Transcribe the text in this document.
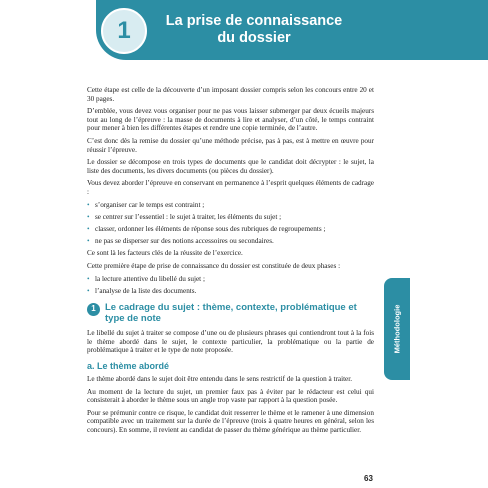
1	La prise de connaissance
du dossier

Cette étape est celle de la découverte d’un imposant dossier compris selon les concours entre 20 et 30 pages.

D’emblée, vous devez vous organiser pour ne pas vous laisser submerger par deux écueils majeurs tout au long de l’épreuve : la masse de documents à lire et analyser, d’un côté, le temps contraint pour mener à bien les différentes étapes et rendre une copie terminée, de l’autre.

C’est donc dès la remise du dossier qu’une méthode précise, pas à pas, est à mettre en œuvre pour réussir l’épreuve.

Le dossier se décompose en trois types de documents que le candidat doit décrypter : le sujet, la liste des documents, les divers documents (ou pièces du dossier).

Vous devez aborder l’épreuve en conservant en permanence à l’esprit quelques éléments de cadrage :

• s’organiser car le temps est contraint ;
• se centrer sur l’essentiel : le sujet à traiter, les éléments du sujet ;
• classer, ordonner les éléments de réponse sous des rubriques de regroupements ;
• ne pas se disperser sur des notions accessoires ou secondaires.

Ce sont là les facteurs clés de la réussite de l’exercice.

Cette première étape de prise de connaissance du dossier est constituée de deux phases :

• la lecture attentive du libellé du sujet ;
• l’analyse de la liste des documents.
1 Le cadrage du sujet : thème, contexte, problématique et type de note

Le libellé du sujet à traiter se compose d’une ou de plusieurs phrases qui contiendront tout à la fois le thème abordé dans le sujet, le contexte particulier, la problématique ou la partie de problématique à traiter et le type de note proposée.

a. Le thème abordé

Le thème abordé dans le sujet doit être entendu dans le sens restrictif de la question à traiter.

Au moment de la lecture du sujet, un premier faux pas à éviter par le rédacteur est celui qui consisterait à aborder le thème sous un angle trop vaste par rapport à la question posée.

Pour se prémunir contre ce risque, le candidat doit resserrer le thème et le ramener à une dimension compatible avec un traitement sur la durée de l’épreuve (trois à quatre heures en général, selon les concours). En somme, il revient au candidat de passer du thème générique au thème particulier.

Méthodologie
63
